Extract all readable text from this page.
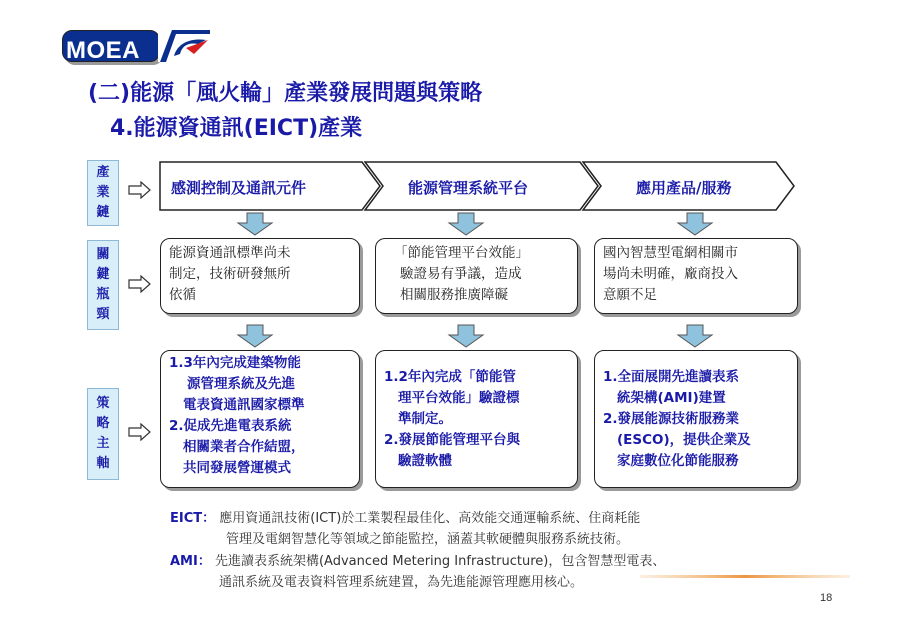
MOEA
(二)能源「風火輪」產業發展問題與策略
4.能源資通訊(EICT)產業
產
業
鏈
關
鍵
瓶
頸
策
略
主
軸
感測控制及通訊元件	能源管理系統平台	應用產品/服務
能源資通訊標準尚未
制定，技術研發無所
依循
「節能管理平台效能」
驗證易有爭議，造成
相關服務推廣障礙
國內智慧型電網相關市
場尚未明確，廠商投入
意願不足
1.3年內完成建築物能
源管理系統及先進
電表資通訊國家標準
2.促成先進電表系統
相關業者合作結盟，
共同發展營運模式
1.2年內完成「節能管
理平台效能」驗證標
準制定。
2.發展節能管理平台與
驗證軟體
1.全面展開先進讀表系
統架構(AMI)建置
2.發展能源技術服務業
(ESCO)，提供企業及
家庭數位化節能服務
EICT： 應用資通訊技術(ICT)於工業製程最佳化、高效能交通運輸系統、住商耗能
管理及電網智慧化等領域之節能監控，涵蓋其軟硬體與服務系統技術。
AMI： 先進讀表系統架構(Advanced Metering Infrastructure)，包含智慧型電表、
通訊系統及電表資料管理系統建置，為先進能源管理應用核心。
18
